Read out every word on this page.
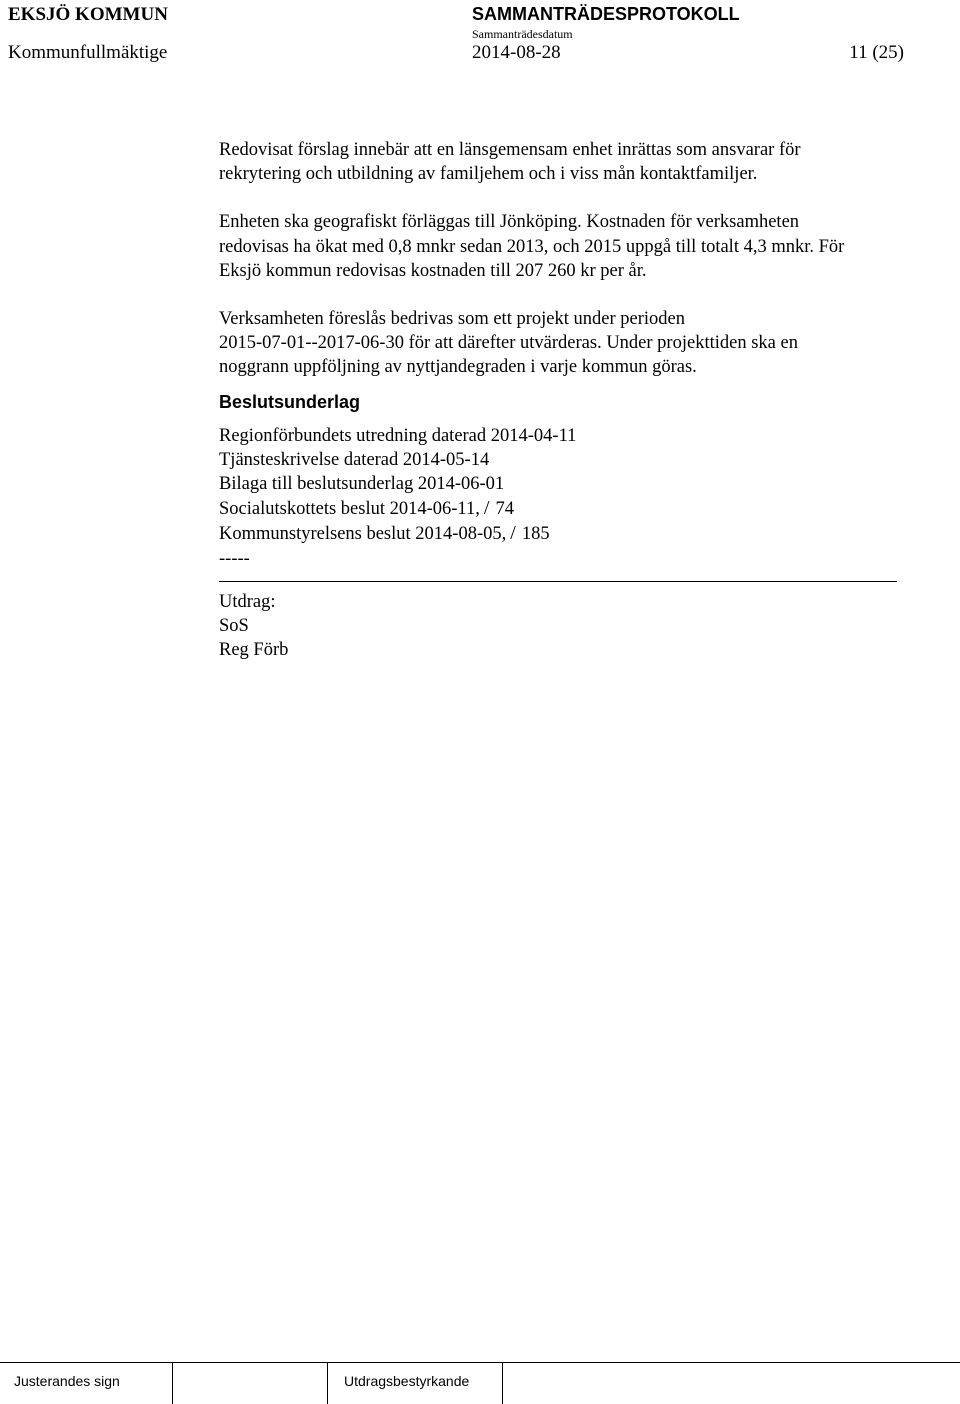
EKSJÖ KOMMUN	SAMMANTRÄDESPROTOKOLL
Sammanträdesdatum
Kommunfullmäktige	2014-08-28	11 (25)

Redovisat förslag innebär att en länsgemensam enhet inrättas som ansvarar för
rekrytering och utbildning av familjehem och i viss mån kontaktfamiljer.

Enheten ska geografiskt förläggas till Jönköping. Kostnaden för verksamheten
redovisas ha ökat med 0,8 mnkr sedan 2013, och 2015 uppgå till totalt 4,3 mnkr. För
Eksjö kommun redovisas kostnaden till 207 260 kr per år.

Verksamheten föreslås bedrivas som ett projekt under perioden
2015-07-01--2017-06-30 för att därefter utvärderas. Under projekttiden ska en
noggrann uppföljning av nyttjandegraden i varje kommun göras.

Beslutsunderlag

Regionförbundets utredning daterad 2014-04-11
Tjänsteskrivelse daterad 2014-05-14
Bilaga till beslutsunderlag 2014-06-01
Socialutskottets beslut 2014-06-11, / 74
Kommunstyrelsens beslut 2014-08-05, / 185
-----

Utdrag:
SoS
Reg Förb

Justerandes sign	Utdragsbestyrkande
